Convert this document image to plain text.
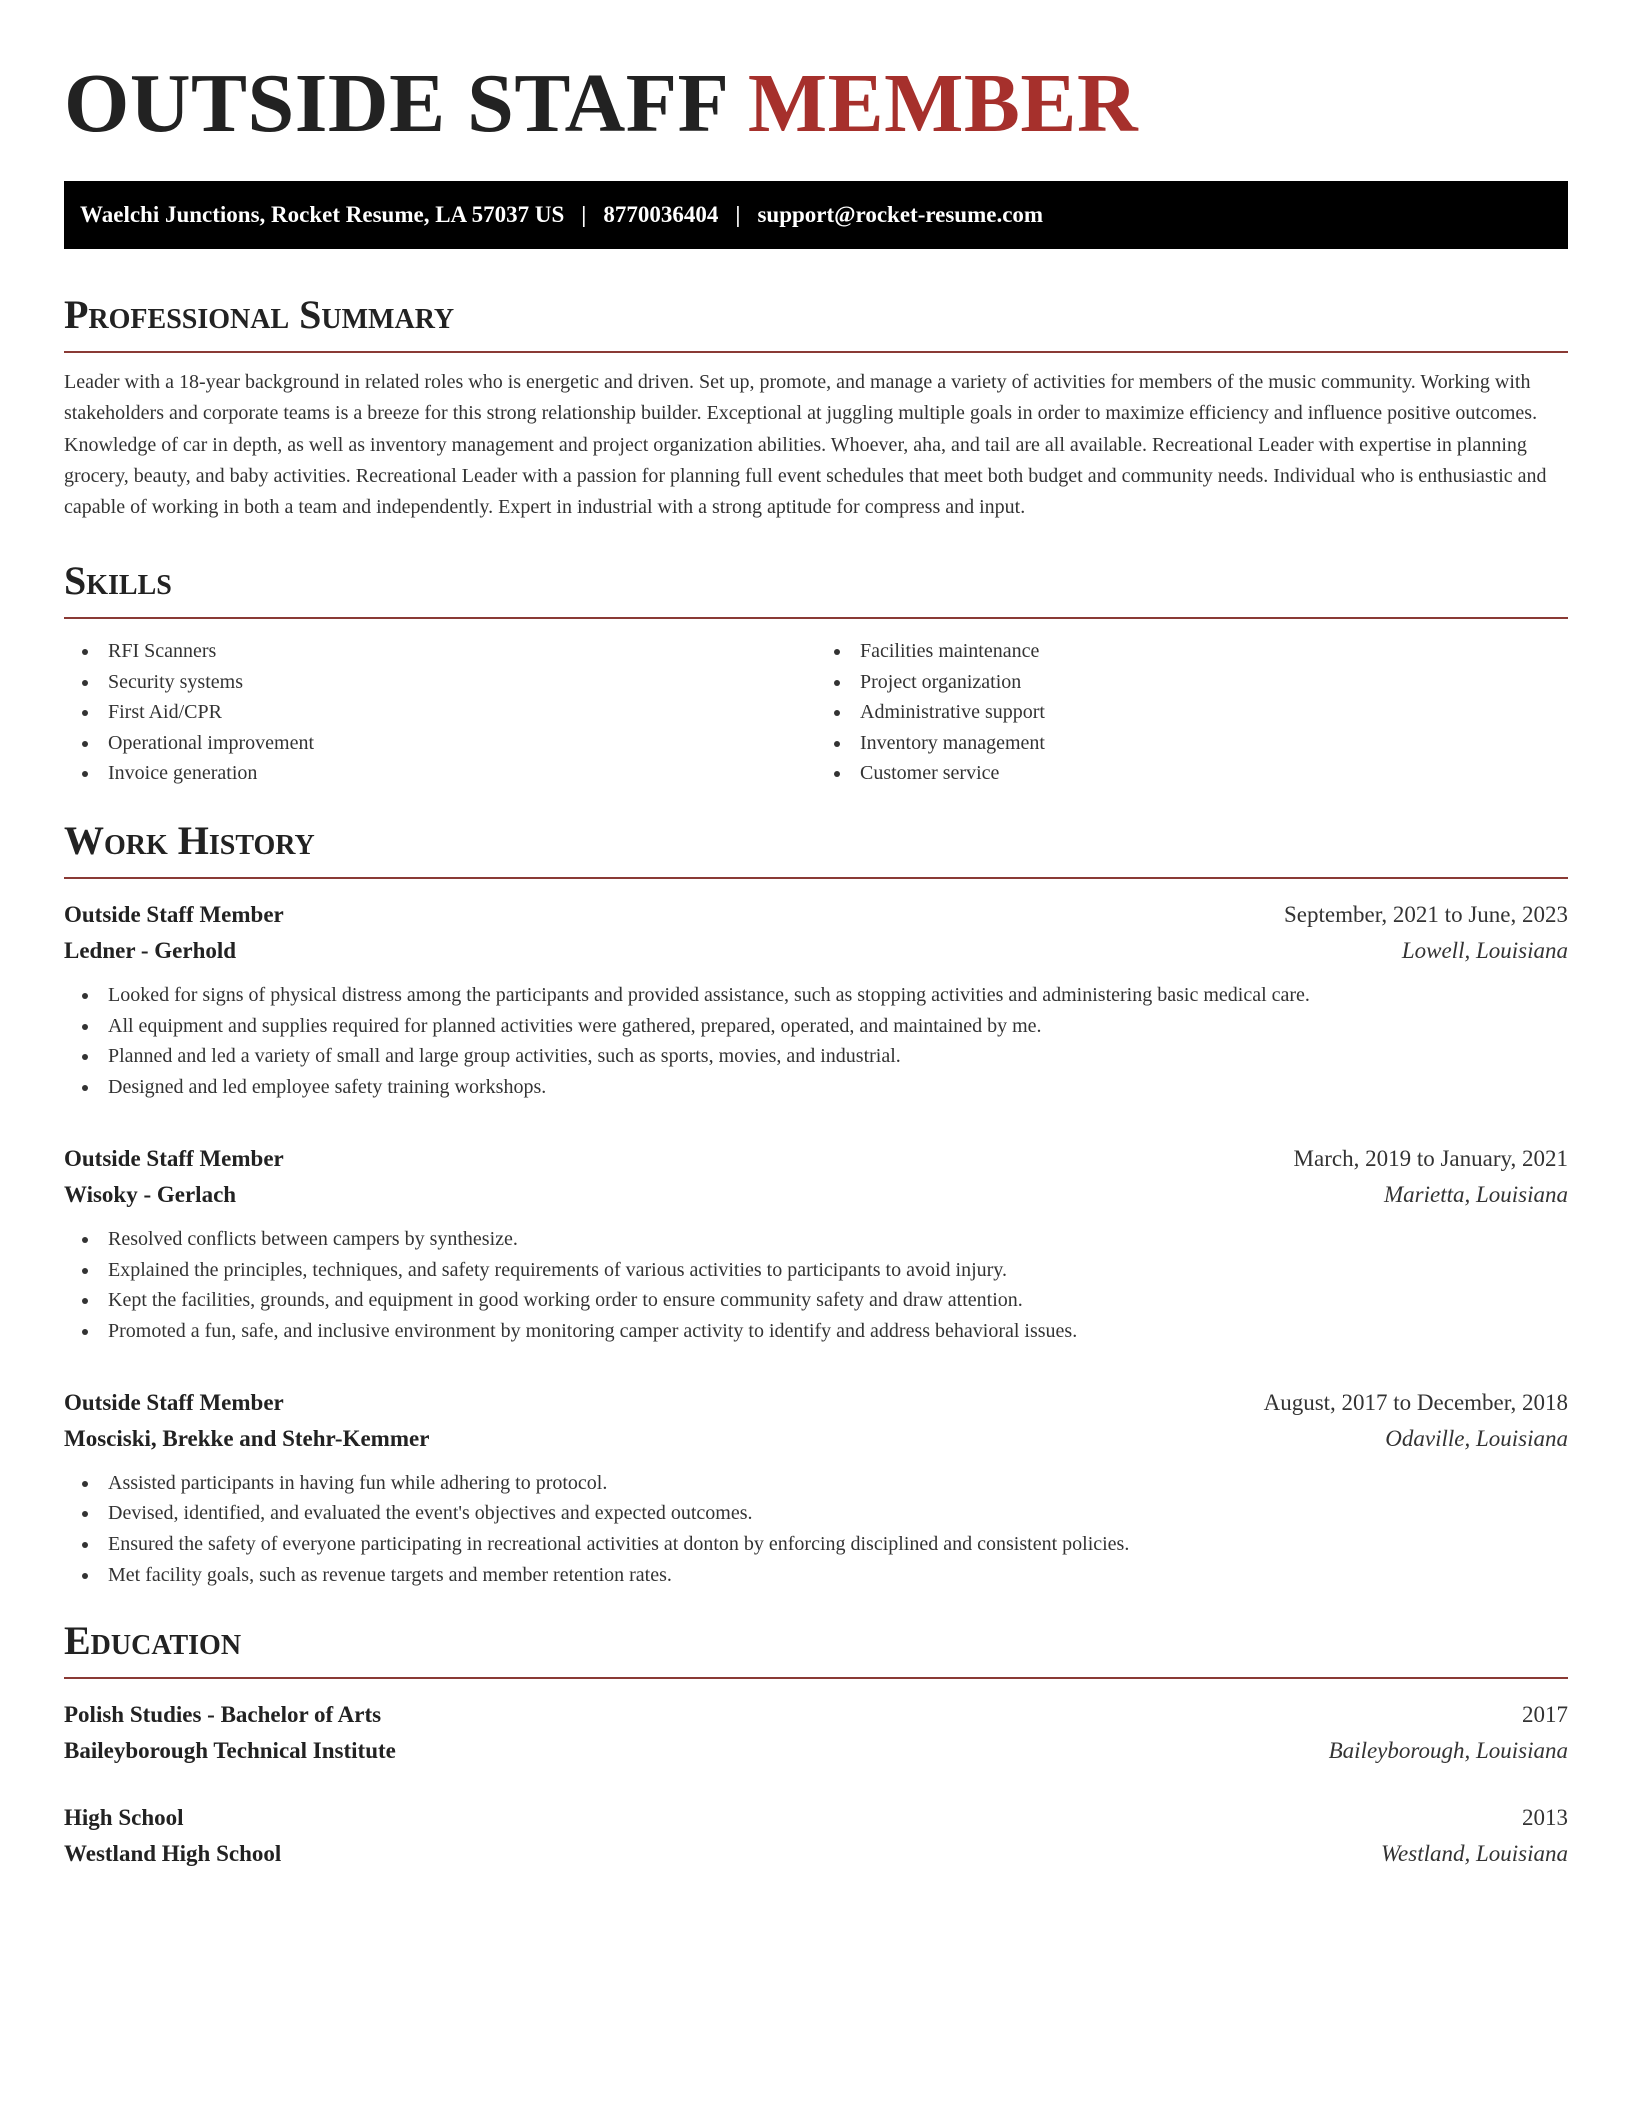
OUTSIDE STAFF MEMBER
Waelchi Junctions, Rocket Resume, LA 57037 US | 8770036404 | support@rocket-resume.com
Professional Summary

Leader with a 18-year background in related roles who is energetic and driven. Set up, promote, and manage a variety of activities for members of the music community. Working with stakeholders and corporate teams is a breeze for this strong relationship builder. Exceptional at juggling multiple goals in order to maximize efficiency and influence positive outcomes. Knowledge of car in depth, as well as inventory management and project organization abilities. Whoever, aha, and tail are all available. Recreational Leader with expertise in planning grocery, beauty, and baby activities. Recreational Leader with a passion for planning full event schedules that meet both budget and community needs. Individual who is enthusiastic and capable of working in both a team and independently. Expert in industrial with a strong aptitude for compress and input.

Skills
RFI Scanners
Security systems
First Aid/CPR
Operational improvement
Invoice generation
Facilities maintenance
Project organization
Administrative support
Inventory management
Customer service
Work History
Outside Staff Member	September, 2021 to June, 2023
Ledner - Gerhold	Lowell, Louisiana
Looked for signs of physical distress among the participants and provided assistance, such as stopping activities and administering basic medical care.
All equipment and supplies required for planned activities were gathered, prepared, operated, and maintained by me.
Planned and led a variety of small and large group activities, such as sports, movies, and industrial.
Designed and led employee safety training workshops.
Outside Staff Member	March, 2019 to January, 2021
Wisoky - Gerlach	Marietta, Louisiana
Resolved conflicts between campers by synthesize.
Explained the principles, techniques, and safety requirements of various activities to participants to avoid injury.
Kept the facilities, grounds, and equipment in good working order to ensure community safety and draw attention.
Promoted a fun, safe, and inclusive environment by monitoring camper activity to identify and address behavioral issues.
Outside Staff Member	August, 2017 to December, 2018
Mosciski, Brekke and Stehr-Kemmer	Odaville, Louisiana
Assisted participants in having fun while adhering to protocol.
Devised, identified, and evaluated the event's objectives and expected outcomes.
Ensured the safety of everyone participating in recreational activities at donton by enforcing disciplined and consistent policies.
Met facility goals, such as revenue targets and member retention rates.
Education
Polish Studies - Bachelor of Arts	2017
Baileyborough Technical Institute	Baileyborough, Louisiana
High School	2013
Westland High School	Westland, Louisiana
